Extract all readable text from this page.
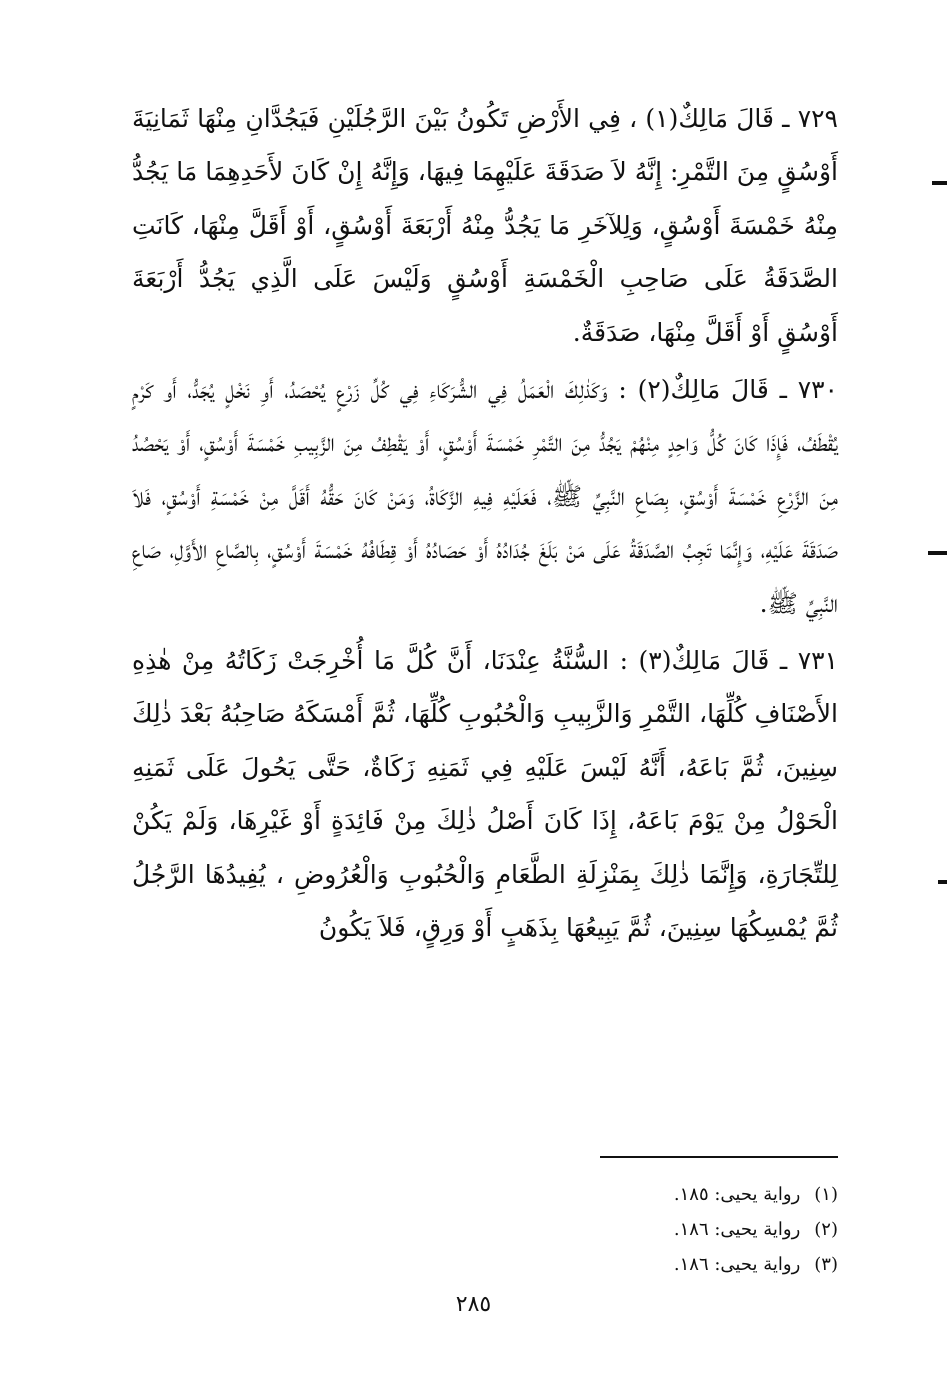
٧٢٩ ـ قَالَ مَالِكٌ(١) ، فِي الأَرْضِ تَكُونُ بَيْنَ الرَّجُلَيْنِ فَيَجُدَّانِ مِنْهَا ثَمَانِيَةَ أَوْسُقٍ مِنَ التَّمْرِ: إِنَّهُ لاَ صَدَقَةَ عَلَيْهِمَا فِيهَا، وَإِنَّهُ إِنْ كَانَ لأَحَدِهِمَا مَا يَجُدُّ مِنْهُ خَمْسَةَ أَوْسُقٍ، وَلِلآخَرِ مَا يَجُدُّ مِنْهُ أَرْبَعَةَ أَوْسُقٍ، أَوْ أَقَلَّ مِنْهَا، كَانَتِ الصَّدَقَةُ عَلَى صَاحِبِ الْخَمْسَةِ أَوْسُقٍ وَلَيْسَ عَلَى الَّذِي يَجُدُّ أَرْبَعَةَ أَوْسُقٍ أَوْ أَقَلَّ مِنْهَا، صَدَقَةٌ.

٧٣٠ ـ قَالَ مَالِكٌ(٢) : وَكَذٰلِكَ الْعَمَلُ فِي الشُّرَكَاءِ فِي كُلِّ زَرْعٍ يُحْصَدُ، أَوِ نَخْلٍ يُجَدُّ، أَو كَرْمٍ يُقْطَفُ، فَإِذَا كَانَ كُلُّ وَاحِدٍ مِنْهُمْ يَجُدُّ مِنَ التَّمْرِ خَمْسَةَ أَوْسُقٍ، أَوْ يَقْطِفُ مِنَ الزَّبِيبِ خَمْسَةَ أَوْسُقٍ، أَوْ يَحْصُدُ مِنَ الزَّرْعِ خَمْسَةَ أَوْسُقٍ، بِصَاعِ النَّبِيِّ ﷺ، فَعَلَيْهِ فِيهِ الزَّكَاةُ، وَمَنْ كَانَ حَقُّهُ أَقَلَّ مِنْ خَمْسَةِ أَوْسُقٍ، فَلاَ صَدَقَةَ عَلَيْهِ، وَإِنَّمَا تَجِبُ الصَّدَقَةُ عَلَى مَنْ بَلَغَ جُدَادُهُ أَوْ حَصَادُهُ أَوْ قِطَافُهُ خَمْسَةَ أَوْسُقٍ، بِالصَّاعِ الأَوَّلِ، صَاعِ النَّبِيِّ ﷺ.

٧٣١ ـ قَالَ مَالِكٌ(٣) : السُّنَّةُ عِنْدَنَا، أَنَّ كُلَّ مَا أُخْرِجَتْ زَكَاتُهُ مِنْ هٰذِهِ الأَصْنَافِ كُلِّهَا، التَّمْرِ وَالزَّبِيبِ وَالْحُبُوبِ كُلِّهَا، ثُمَّ أَمْسَكَهُ صَاحِبُهُ بَعْدَ ذٰلِكَ سِنِينَ، ثُمَّ بَاعَهُ، أَنَّهُ لَيْسَ عَلَيْهِ فِي ثَمَنِهِ زَكَاةٌ، حَتَّى يَحُولَ عَلَى ثَمَنِهِ الْحَوْلُ مِنْ يَوْمَ بَاعَهُ، إِذَا كَانَ أَصْلُ ذٰلِكَ مِنْ فَائِدَةٍ أَوْ غَيْرِهَا، وَلَمْ يَكُنْ لِلتِّجَارَةِ، وَإِنَّمَا ذٰلِكَ بِمَنْزِلَةِ الطَّعَامِ وَالْحُبُوبِ وَالْعُرُوضِ ، يُفِيدُهَا الرَّجُلُ ثُمَّ يُمْسِكُهَا سِنِينَ، ثُمَّ يَبِيعُهَا بِذَهَبٍ أَوْ وَرِقٍ، فَلاَ يَكُونُ

(١)رواية يحيى: ١٨٥.
(٢)رواية يحيى: ١٨٦.
(٣)رواية يحيى: ١٨٦.
٢٨٥
